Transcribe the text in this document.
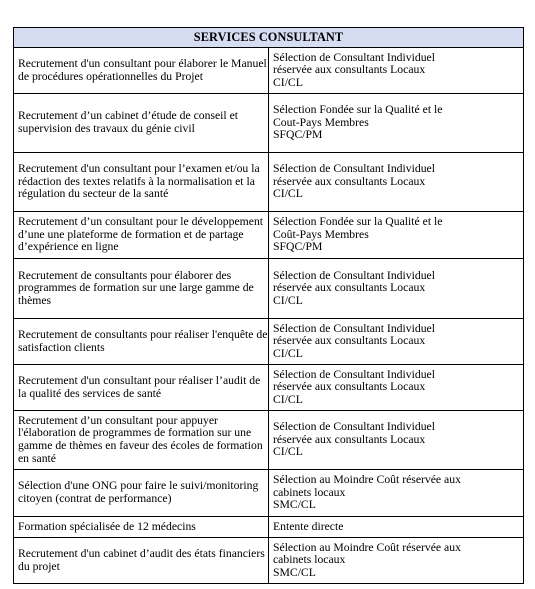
SERVICES CONSULTANT	

Recrutement d'un consultant pour élaborer le Manuel
de procédures opérationnelles du Projet	Sélection de Consultant Individuel
réservée aux consultants Locaux
CI/CL

Recrutement d’un cabinet d’étude de conseil et
supervision des travaux du génie civil	Sélection Fondée sur la Qualité et le
Cout-Pays Membres
SFQC/PM

Recrutement d'un consultant pour l’examen et/ou la
rédaction des textes relatifs à la normalisation et la
régulation du secteur de la santé	Sélection de Consultant Individuel
réservée aux consultants Locaux
CI/CL

Recrutement d’un consultant pour le développement
d’une une plateforme de formation et de partage
d’expérience en ligne	Sélection Fondée sur la Qualité et le
Coût-Pays Membres
SFQC/PM

Recrutement de consultants pour élaborer des
programmes de formation sur une large gamme de
thèmes	Sélection de Consultant Individuel
réservée aux consultants Locaux
CI/CL

Recrutement de consultants pour réaliser l'enquête de
satisfaction clients	Sélection de Consultant Individuel
réservée aux consultants Locaux
CI/CL

Recrutement d'un consultant pour réaliser l’audit de
la qualité des services de santé	Sélection de Consultant Individuel
réservée aux consultants Locaux
CI/CL

Recrutement d’un consultant pour appuyer
l'élaboration de programmes de formation sur une
gamme de thèmes en faveur des écoles de formation
en santé	Sélection de Consultant Individuel
réservée aux consultants Locaux
CI/CL

Sélection d'une ONG pour faire le suivi/monitoring
citoyen (contrat de performance)	Sélection au Moindre Coût réservée aux
cabinets locaux
SMC/CL

Formation spécialisée de 12 médecins	Entente directe

Recrutement d'un cabinet d’audit des états financiers
du projet	Sélection au Moindre Coût réservée aux
cabinets locaux
SMC/CL
